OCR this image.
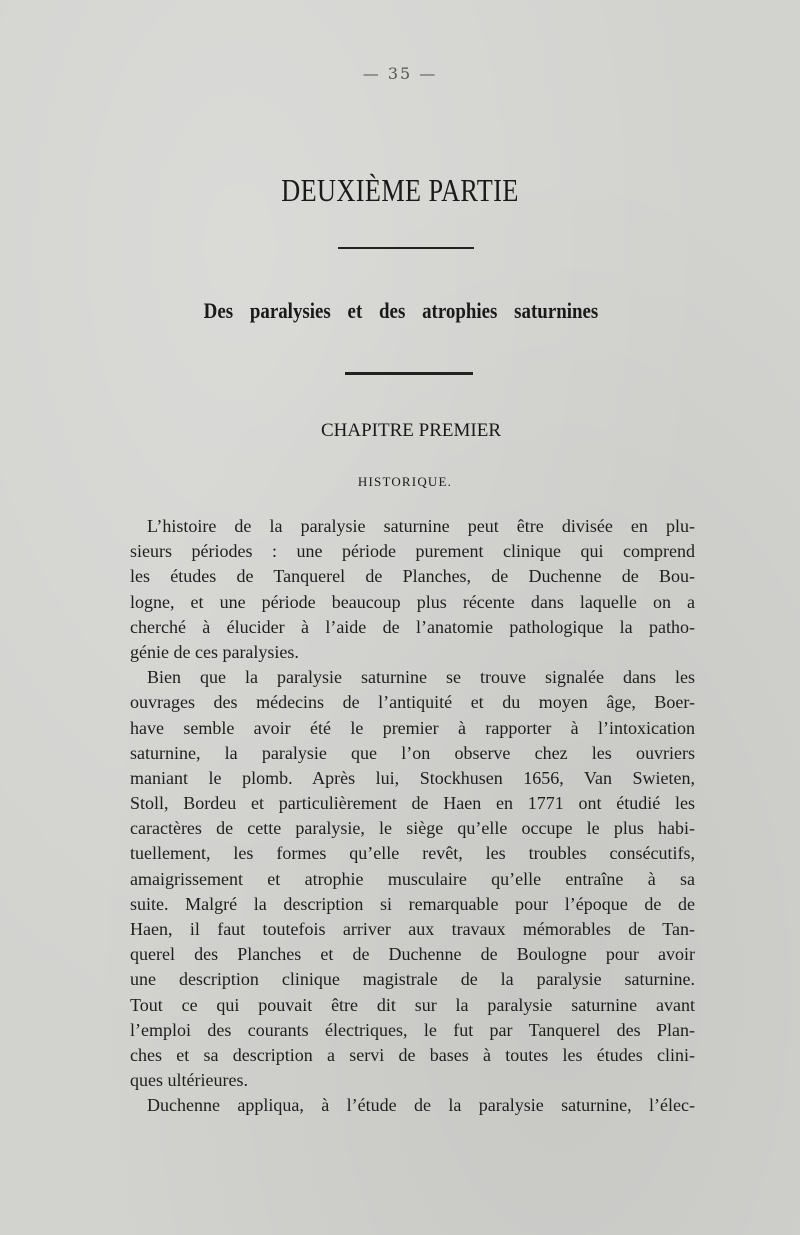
— 35 —
DEUXIÈME PARTIE
Des paralysies et des atrophies saturnines
CHAPITRE PREMIER
HISTORIQUE.
L’histoire de la paralysie saturnine peut être divisée en plu-
sieurs périodes : une période purement clinique qui comprend
les études de Tanquerel de Planches, de Duchenne de Bou-
logne, et une période beaucoup plus récente dans laquelle on a
cherché à élucider à l’aide de l’anatomie pathologique la patho-
génie de ces paralysies.
Bien que la paralysie saturnine se trouve signalée dans les
ouvrages des médecins de l’antiquité et du moyen âge, Boer-
have semble avoir été le premier à rapporter à l’intoxication
saturnine, la paralysie que l’on observe chez les ouvriers
maniant le plomb. Après lui, Stockhusen 1656, Van Swieten,
Stoll, Bordeu et particulièrement de Haen en 1771 ont étudié les
caractères de cette paralysie, le siège qu’elle occupe le plus habi-
tuellement, les formes qu’elle revêt, les troubles consécutifs,
amaigrissement et atrophie musculaire qu’elle entraîne à sa
suite. Malgré la description si remarquable pour l’époque de de
Haen, il faut toutefois arriver aux travaux mémorables de Tan-
querel des Planches et de Duchenne de Boulogne pour avoir
une description clinique magistrale de la paralysie saturnine.
Tout ce qui pouvait être dit sur la paralysie saturnine avant
l’emploi des courants électriques, le fut par Tanquerel des Plan-
ches et sa description a servi de bases à toutes les études clini-
ques ultérieures.
Duchenne appliqua, à l’étude de la paralysie saturnine, l’élec-
